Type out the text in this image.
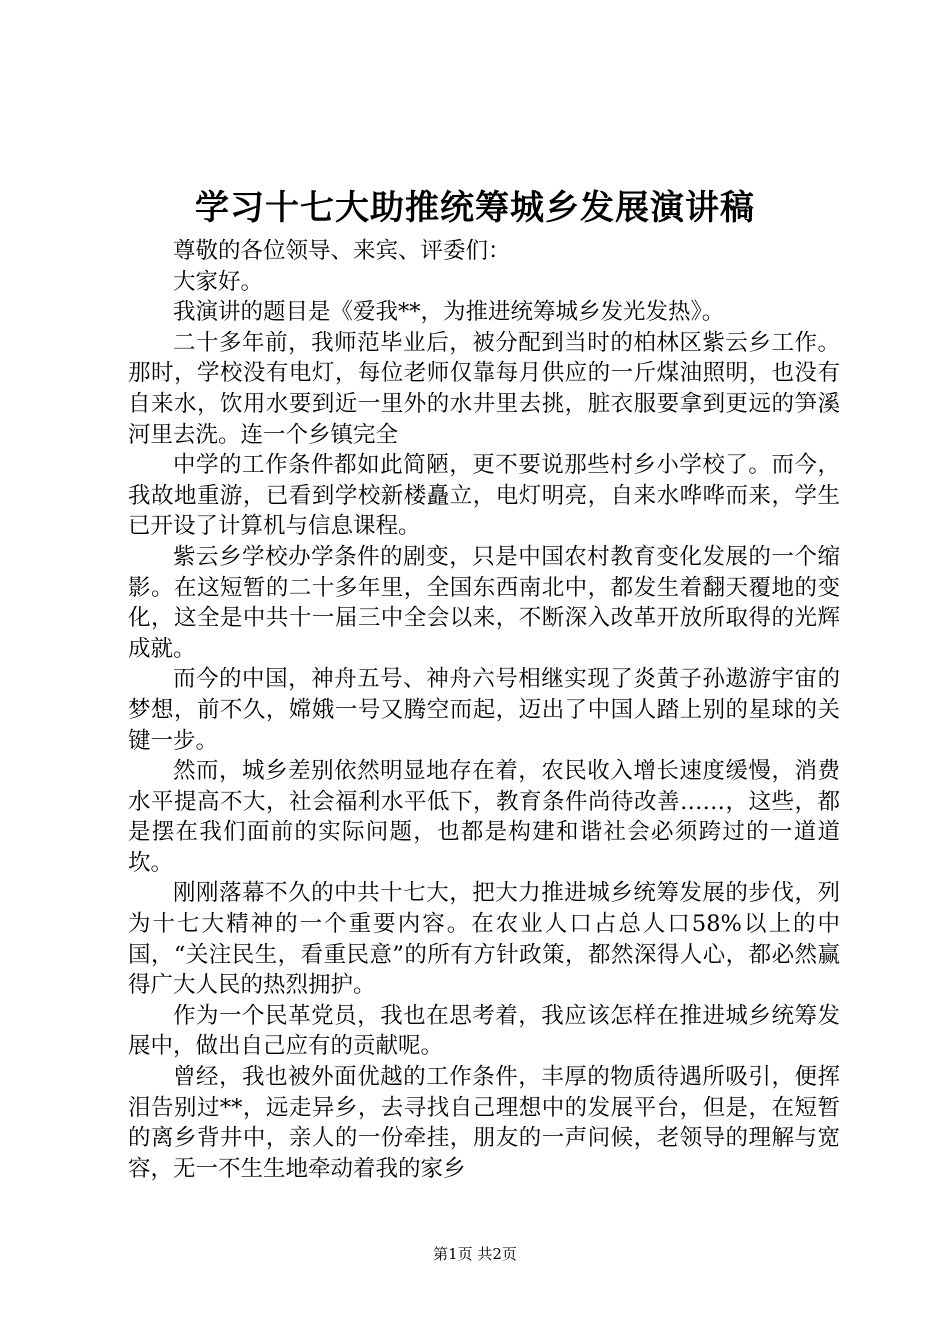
学习十七大助推统筹城乡发展演讲稿

尊敬的各位领导、来宾、评委们：

大家好。

我演讲的题目是《爱我**，为推进统筹城乡发光发热》。

二十多年前，我师范毕业后，被分配到当时的柏林区紫云乡工作。那时，学校没有电灯，每位老师仅靠每月供应的一斤煤油照明，也没有自来水，饮用水要到近一里外的水井里去挑，脏衣服要拿到更远的笋溪河里去洗。连一个乡镇完全

中学的工作条件都如此简陋，更不要说那些村乡小学校了。而今，我故地重游，已看到学校新楼矗立，电灯明亮，自来水哗哗而来，学生已开设了计算机与信息课程。

紫云乡学校办学条件的剧变，只是中国农村教育变化发展的一个缩影。在这短暂的二十多年里，全国东西南北中，都发生着翻天覆地的变化，这全是中共十一届三中全会以来，不断深入改革开放所取得的光辉成就。

而今的中国，神舟五号、神舟六号相继实现了炎黄子孙遨游宇宙的梦想，前不久，嫦娥一号又腾空而起，迈出了中国人踏上别的星球的关键一步。

然而，城乡差别依然明显地存在着，农民收入增长速度缓慢，消费水平提高不大，社会福利水平低下，教育条件尚待改善……，这些，都是摆在我们面前的实际问题，也都是构建和谐社会必须跨过的一道道坎。

刚刚落幕不久的中共十七大，把大力推进城乡统筹发展的步伐，列为十七大精神的一个重要内容。在农业人口占总人口58%以上的中国，“关注民生，看重民意”的所有方针政策，都然深得人心，都必然赢得广大人民的热烈拥护。

作为一个民革党员，我也在思考着，我应该怎样在推进城乡统筹发展中，做出自己应有的贡献呢。

曾经，我也被外面优越的工作条件，丰厚的物质待遇所吸引，便挥泪告别过**，远走异乡，去寻找自己理想中的发展平台，但是，在短暂的离乡背井中，亲人的一份牵挂，朋友的一声问候，老领导的理解与宽容，无一不生生地牵动着我的家乡

第1页 共2页
